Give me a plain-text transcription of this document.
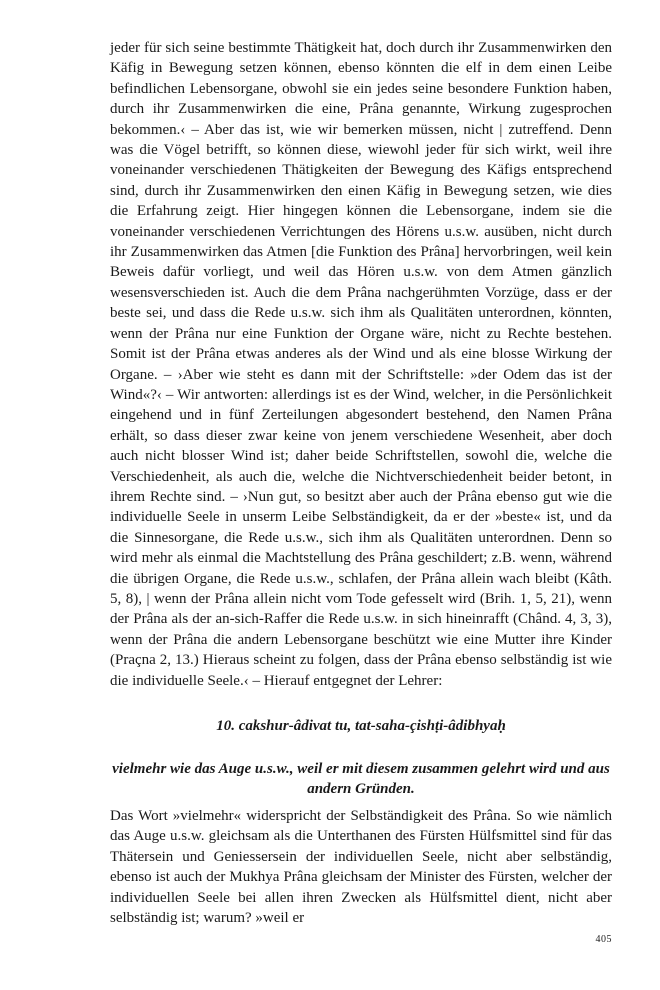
jeder für sich seine bestimmte Thätigkeit hat, doch durch ihr Zusammenwirken den Käfig in Bewegung setzen können, ebenso könnten die elf in dem einen Leibe befindlichen Lebensorgane, obwohl sie ein jedes seine besondere Funktion haben, durch ihr Zusammenwirken die eine, Prâna genannte, Wirkung zugesprochen bekommen.‹ – Aber das ist, wie wir bemerken müssen, nicht | zutreffend. Denn was die Vögel betrifft, so können diese, wiewohl jeder für sich wirkt, weil ihre voneinander verschiedenen Thätigkeiten der Bewegung des Käfigs entsprechend sind, durch ihr Zusammenwirken den einen Käfig in Bewegung setzen, wie dies die Erfahrung zeigt. Hier hingegen können die Lebensorgane, indem sie die voneinander verschiedenen Verrichtungen des Hörens u.s.w. ausüben, nicht durch ihr Zusammenwirken das Atmen [die Funktion des Prâna] hervorbringen, weil kein Beweis dafür vorliegt, und weil das Hören u.s.w. von dem Atmen gänzlich wesensverschieden ist. Auch die dem Prâna nachgerühmten Vorzüge, dass er der beste sei, und dass die Rede u.s.w. sich ihm als Qualitäten unterordnen, könnten, wenn der Prâna nur eine Funktion der Organe wäre, nicht zu Rechte bestehen. Somit ist der Prâna etwas anderes als der Wind und als eine blosse Wirkung der Organe. – ›Aber wie steht es dann mit der Schriftstelle: »der Odem das ist der Wind«?‹ – Wir antworten: allerdings ist es der Wind, welcher, in die Persönlichkeit eingehend und in fünf Zerteilungen abgesondert bestehend, den Namen Prâna erhält, so dass dieser zwar keine von jenem verschiedene Wesenheit, aber doch auch nicht blosser Wind ist; daher beide Schriftstellen, sowohl die, welche die Verschiedenheit, als auch die, welche die Nichtverschiedenheit beider betont, in ihrem Rechte sind. – ›Nun gut, so besitzt aber auch der Prâna ebenso gut wie die individuelle Seele in unserm Leibe Selbständigkeit, da er der »beste« ist, und da die Sinnesorgane, die Rede u.s.w., sich ihm als Qualitäten unterordnen. Denn so wird mehr als einmal die Machtstellung des Prâna geschildert; z.B. wenn, während die übrigen Organe, die Rede u.s.w., schlafen, der Prâna allein wach bleibt (Kâth. 5, 8), | wenn der Prâna allein nicht vom Tode gefesselt wird (Brih. 1, 5, 21), wenn der Prâna als der an-sich-Raffer die Rede u.s.w. in sich hineinrafft (Chând. 4, 3, 3), wenn der Prâna die andern Lebensorgane beschützt wie eine Mutter ihre Kinder (Praçna 2, 13.) Hieraus scheint zu folgen, dass der Prâna ebenso selbständig ist wie die individuelle Seele.‹ – Hierauf entgegnet der Lehrer:

10. cakshur-âdivat tu, tat-saha-çishṭi-âdibhyaḥ

vielmehr wie das Auge u.s.w., weil er mit diesem zusammen gelehrt wird und aus andern Gründen.

Das Wort »vielmehr« widerspricht der Selbständigkeit des Prâna. So wie nämlich das Auge u.s.w. gleichsam als die Unterthanen des Fürsten Hülfsmittel sind für das Thätersein und Geniessersein der individuellen Seele, nicht aber selbständig, ebenso ist auch der Mukhya Prâna gleichsam der Minister des Fürsten, welcher der individuellen Seele bei allen ihren Zwecken als Hülfsmittel dient, nicht aber selbständig ist; warum? »weil er

405
